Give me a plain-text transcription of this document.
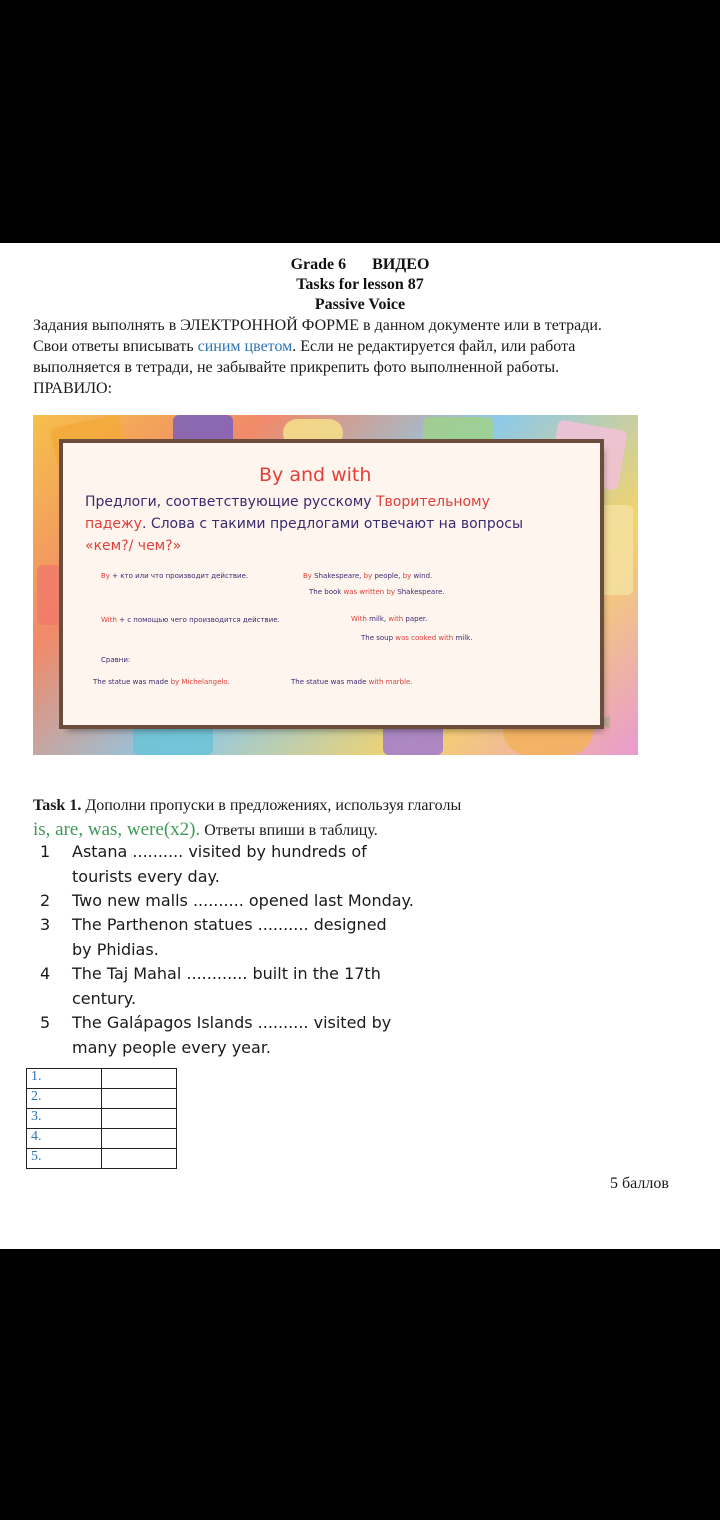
Grade 6 ВИДЕО
Tasks for lesson 87
Passive Voice
Задания выполнять в ЭЛЕКТРОННОЙ ФОРМЕ в данном документе или в тетради.
Свои ответы вписывать синим цветом. Если не редактируется файл, или работа
выполняется в тетради, не забывайте прикрепить фото выполненной работы.
ПРАВИЛО:
By and with
Предлоги, соответствующие русскому Творительному
падежу. Слова с такими предлогами отвечают на вопросы
«кем?/ чем?»
By + кто или что производит действие.	By Shakespeare, by people, by wind.
The book was written by Shakespeare.
With + с помощью чего производится действие.	With milk, with paper.
The soup was cooked with milk.
Сравни:
The statue was made by Michelangelo.	The statue was made with marble.
Task 1. Дополни пропуски в предложениях, используя глаголы
is, are, was, were(x2). Ответы впиши в таблицу.
1 Astana .......... visited by hundreds of
tourists every day.
2 Two new malls .......... opened last Monday.
3 The Parthenon statues .......... designed
by Phidias.
4 The Taj Mahal ............ built in the 17th
century.
5 The Galápagos Islands .......... visited by
many people every year.
1.	
2.	
3.	
4.	
5.	
5 баллов
